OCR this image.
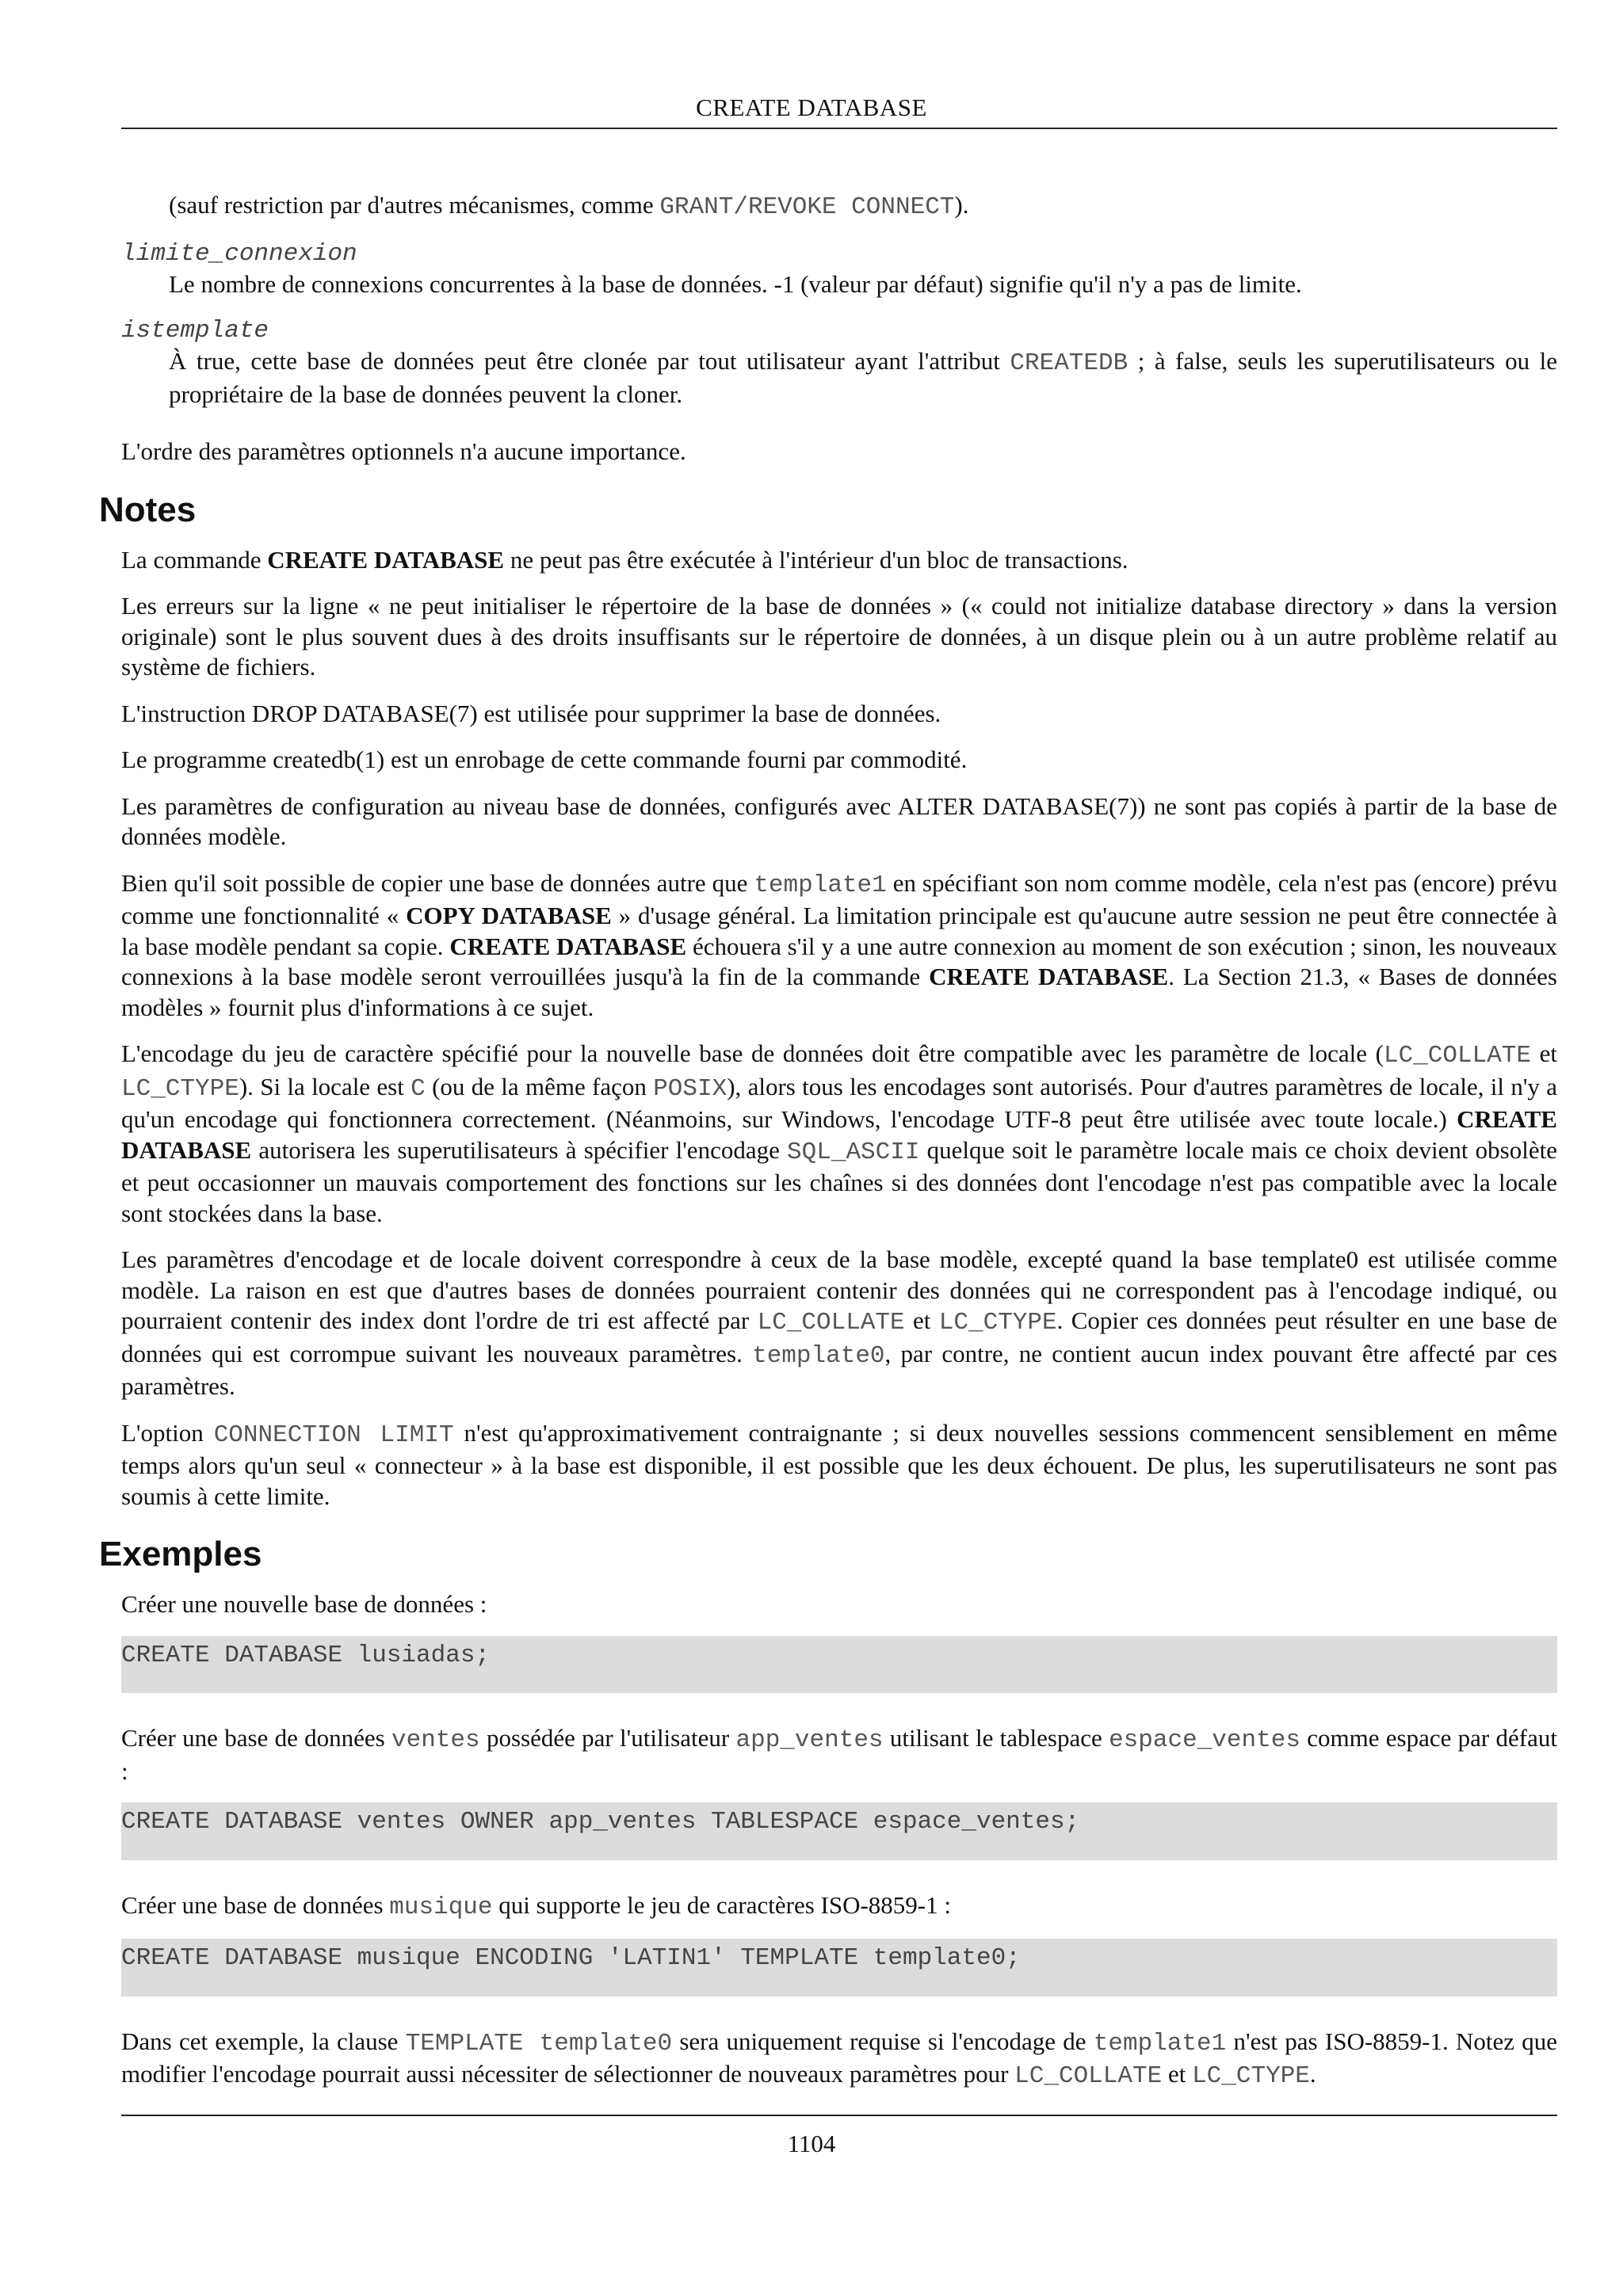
CREATE DATABASE

(sauf restriction par d'autres mécanismes, comme GRANT/REVOKE CONNECT).

limite_connexion

Le nombre de connexions concurrentes à la base de données. -1 (valeur par défaut) signifie qu'il n'y a pas de limite.

istemplate

À true, cette base de données peut être clonée par tout utilisateur ayant l'attribut CREATEDB ; à false, seuls les superutilisateurs ou le propriétaire de la base de données peuvent la cloner.

L'ordre des paramètres optionnels n'a aucune importance.

Notes

La commande CREATE DATABASE ne peut pas être exécutée à l'intérieur d'un bloc de transactions.

Les erreurs sur la ligne « ne peut initialiser le répertoire de la base de données » (« could not initialize database directory » dans la version originale) sont le plus souvent dues à des droits insuffisants sur le répertoire de données, à un disque plein ou à un autre problème relatif au système de fichiers.

L'instruction DROP DATABASE(7) est utilisée pour supprimer la base de données.

Le programme createdb(1) est un enrobage de cette commande fourni par commodité.

Les paramètres de configuration au niveau base de données, configurés avec ALTER DATABASE(7)) ne sont pas copiés à partir de la base de données modèle.

Bien qu'il soit possible de copier une base de données autre que template1 en spécifiant son nom comme modèle, cela n'est pas (encore) prévu comme une fonctionnalité « COPY DATABASE » d'usage général. La limitation principale est qu'aucune autre session ne peut être connectée à la base modèle pendant sa copie. CREATE DATABASE échouera s'il y a une autre connexion au moment de son exécution ; sinon, les nouveaux connexions à la base modèle seront verrouillées jusqu'à la fin de la commande CREATE DATABASE. La Section 21.3, « Bases de données modèles » fournit plus d'informations à ce sujet.

L'encodage du jeu de caractère spécifié pour la nouvelle base de données doit être compatible avec les paramètre de locale (LC_COLLATE et LC_CTYPE). Si la locale est C (ou de la même façon POSIX), alors tous les encodages sont autorisés. Pour d'autres paramètres de locale, il n'y a qu'un encodage qui fonctionnera correctement. (Néanmoins, sur Windows, l'encodage UTF-8 peut être utilisée avec toute locale.) CREATE DATABASE autorisera les superutilisateurs à spécifier l'encodage SQL_ASCII quelque soit le paramètre locale mais ce choix devient obsolète et peut occasionner un mauvais comportement des fonctions sur les chaînes si des données dont l'encodage n'est pas compatible avec la locale sont stockées dans la base.

Les paramètres d'encodage et de locale doivent correspondre à ceux de la base modèle, excepté quand la base template0 est utilisée comme modèle. La raison en est que d'autres bases de données pourraient contenir des données qui ne correspondent pas à l'encodage indiqué, ou pourraient contenir des index dont l'ordre de tri est affecté par LC_COLLATE et LC_CTYPE. Copier ces données peut résulter en une base de données qui est corrompue suivant les nouveaux paramètres. template0, par contre, ne contient aucun index pouvant être affecté par ces paramètres.

L'option CONNECTION LIMIT n'est qu'approximativement contraignante ; si deux nouvelles sessions commencent sensiblement en même temps alors qu'un seul « connecteur » à la base est disponible, il est possible que les deux échouent. De plus, les superutilisateurs ne sont pas soumis à cette limite.

Exemples

Créer une nouvelle base de données :

CREATE DATABASE lusiadas;

Créer une base de données ventes possédée par l'utilisateur app_ventes utilisant le tablespace espace_ventes comme espace par défaut :

CREATE DATABASE ventes OWNER app_ventes TABLESPACE espace_ventes;

Créer une base de données musique qui supporte le jeu de caractères ISO-8859-1 :

CREATE DATABASE musique ENCODING 'LATIN1' TEMPLATE template0;

Dans cet exemple, la clause TEMPLATE template0 sera uniquement requise si l'encodage de template1 n'est pas ISO-8859-1. Notez que modifier l'encodage pourrait aussi nécessiter de sélectionner de nouveaux paramètres pour LC_COLLATE et LC_CTYPE.

1104
